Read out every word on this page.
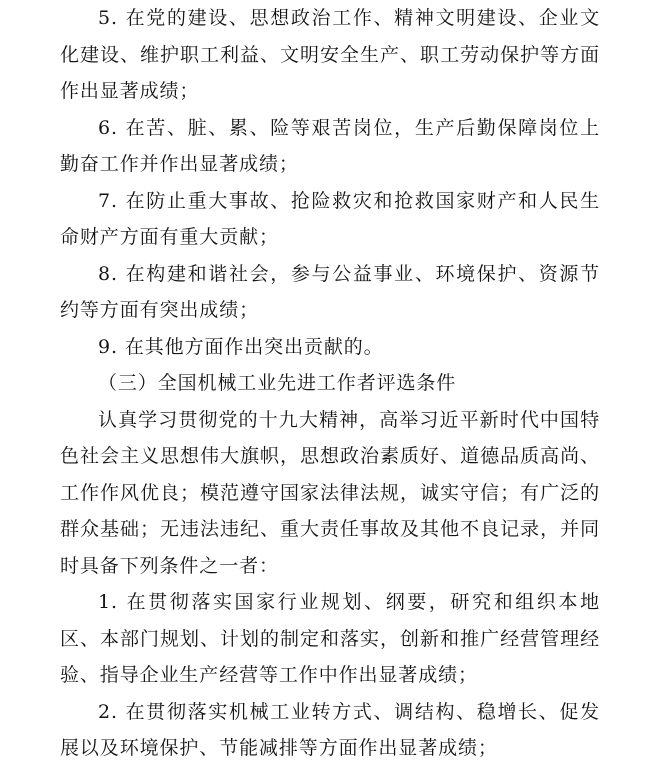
5. 在党的建设、思想政治工作、精神文明建设、企业文化建设、维护职工利益、文明安全生产、职工劳动保护等方面作出显著成绩；

6. 在苦、脏、累、险等艰苦岗位，生产后勤保障岗位上勤奋工作并作出显著成绩；

7. 在防止重大事故、抢险救灾和抢救国家财产和人民生命财产方面有重大贡献；

8. 在构建和谐社会，参与公益事业、环境保护、资源节约等方面有突出成绩；

9. 在其他方面作出突出贡献的。

（三）全国机械工业先进工作者评选条件

认真学习贯彻党的十九大精神，高举习近平新时代中国特色社会主义思想伟大旗帜，思想政治素质好、道德品质高尚、工作作风优良；模范遵守国家法律法规，诚实守信；有广泛的群众基础；无违法违纪、重大责任事故及其他不良记录，并同时具备下列条件之一者：

1. 在贯彻落实国家行业规划、纲要，研究和组织本地区、本部门规划、计划的制定和落实，创新和推广经营管理经验、指导企业生产经营等工作中作出显著成绩；

2. 在贯彻落实机械工业转方式、调结构、稳增长、促发展以及环境保护、节能减排等方面作出显著成绩；
